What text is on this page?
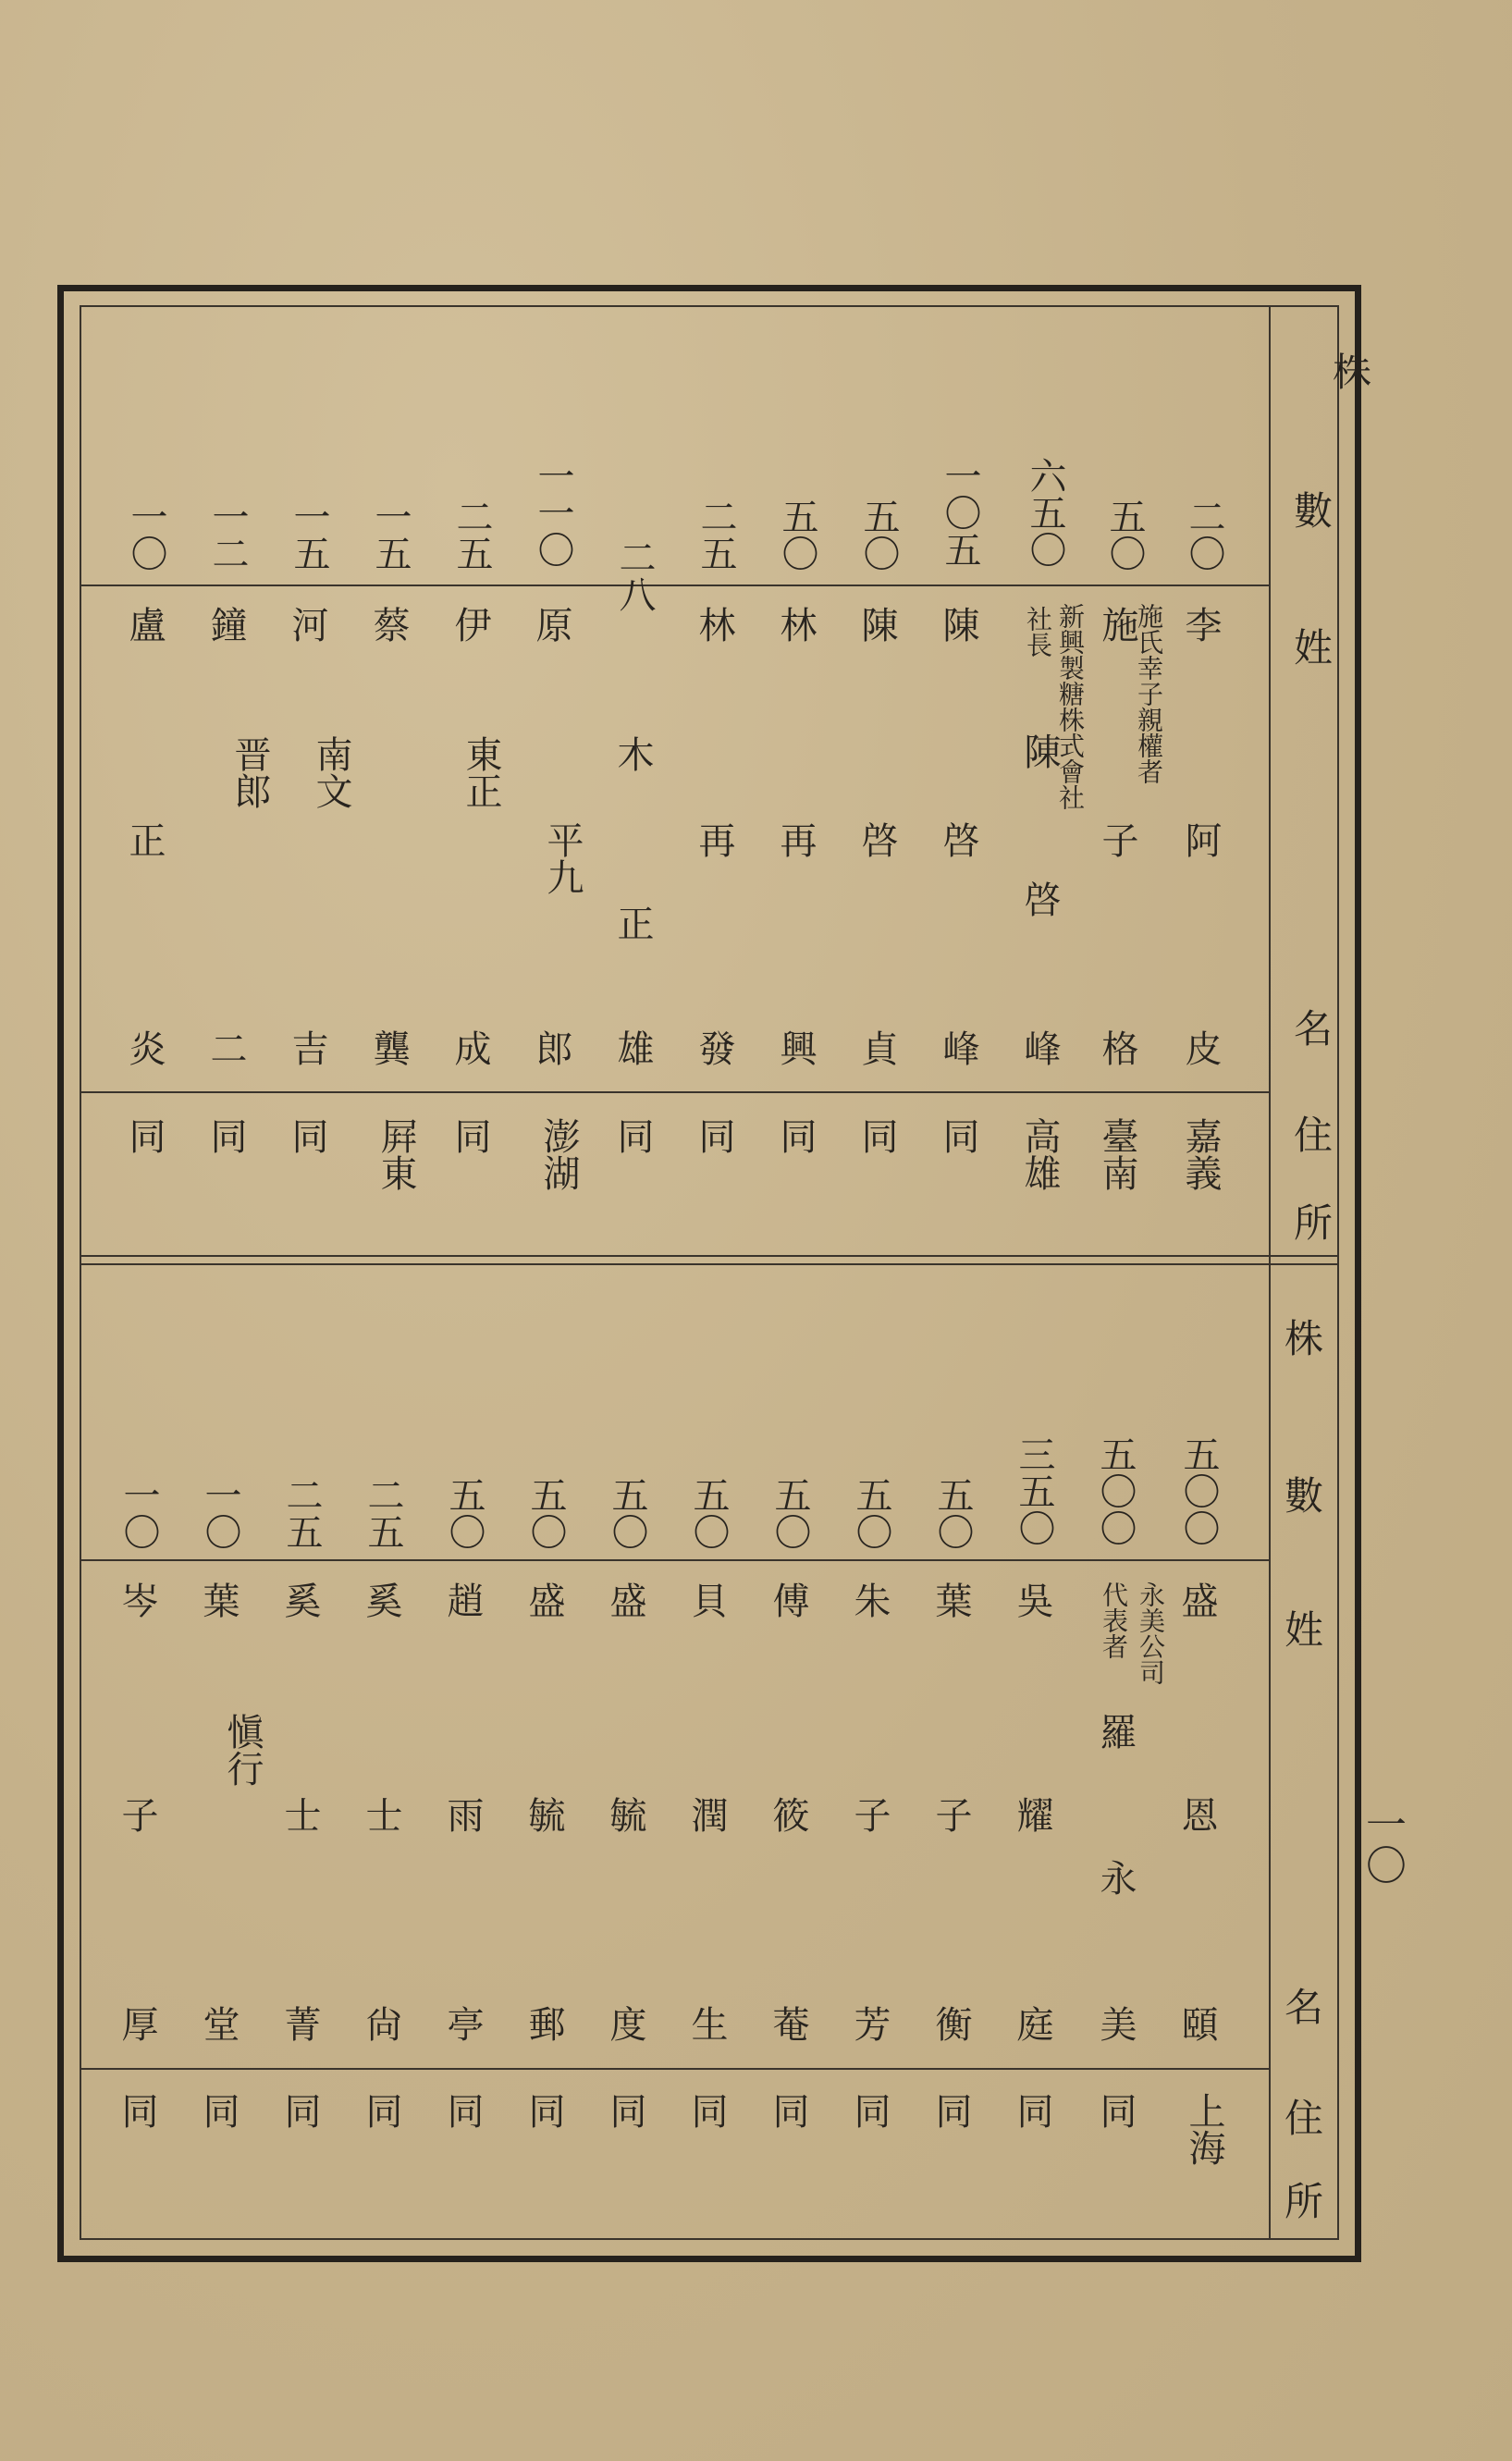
株

數
姓
名
住
所
株
數
姓
名
住
所
一〇
二〇
李
阿
皮
嘉義
五〇
施氏幸子親權者
施
子
格
臺南
六五〇
新興製糖株式會社
社長
陳
啓
峰
高雄
一〇五
陳
啓
峰
同
五〇
陳
啓
貞
同
五〇
林
再
興
同
二五
林
再
發
同
二八
木
正
雄
同
一一〇
原
平九
郎
澎湖
二五
伊
東正
成
同
一五
蔡
龔
屛東
一五
河
南文
吉
同
一二
鐘
晋郎
二
同
一〇
盧
正
炎
同
五〇〇
盛
恩
頤
上海
五〇〇
永美公司
代表者
羅
永
美
同
三五〇
吳
耀
庭
同
五〇
葉
子
衡
同
五〇
朱
子
芳
同
五〇
傅
筱
菴
同
五〇
貝
潤
生
同
五〇
盛
毓
度
同
五〇
盛
毓
郵
同
五〇
趙
雨
亭
同
二五
奚
士
尙
同
二五
奚
士
菁
同
一〇
葉
愼行
堂
同
一〇
岑
子
厚
同
